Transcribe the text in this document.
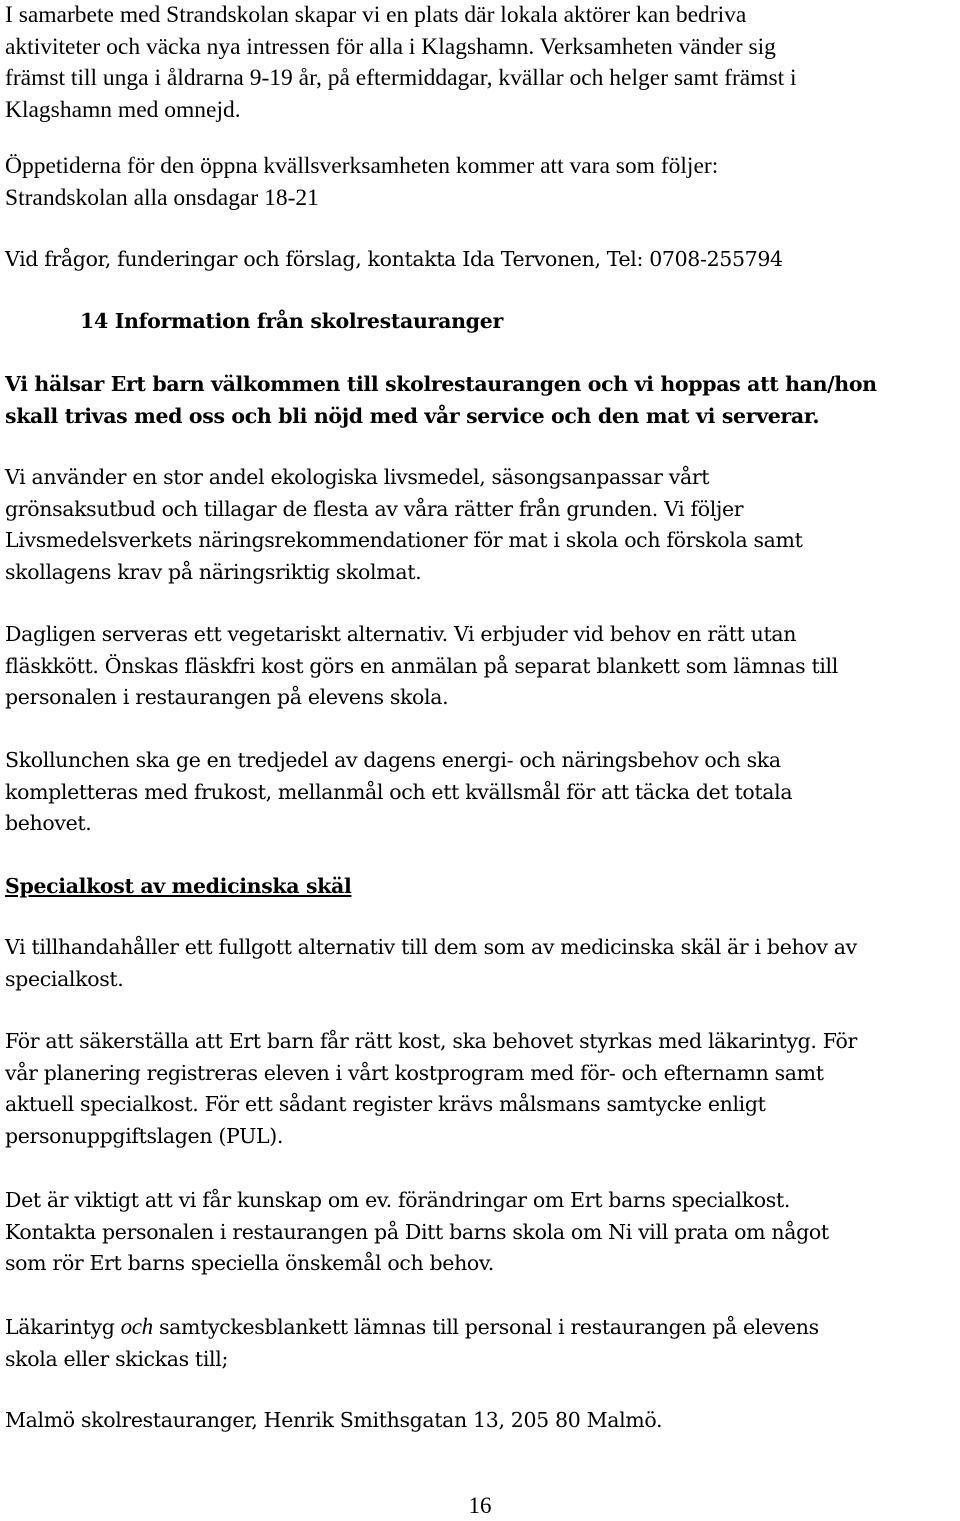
I samarbete med Strandskolan skapar vi en plats där lokala aktörer kan bedriva
aktiviteter och väcka nya intressen för alla i Klagshamn. Verksamheten vänder sig
främst till unga i åldrarna 9-19 år, på eftermiddagar, kvällar och helger samt främst i
Klagshamn med omnejd.

Öppetiderna för den öppna kvällsverksamheten kommer att vara som följer:
Strandskolan alla onsdagar 18-21

Vid frågor, funderingar och förslag, kontakta Ida Tervonen, Tel: 0708-255794

14 Information från skolrestauranger

Vi hälsar Ert barn välkommen till skolrestaurangen och vi hoppas att han/hon
skall trivas med oss och bli nöjd med vår service och den mat vi serverar.

Vi använder en stor andel ekologiska livsmedel, säsongsanpassar vårt
grönsaksutbud och tillagar de flesta av våra rätter från grunden. Vi följer
Livsmedelsverkets näringsrekommendationer för mat i skola och förskola samt
skollagens krav på näringsriktig skolmat.

Dagligen serveras ett vegetariskt alternativ. Vi erbjuder vid behov en rätt utan
fläskkött. Önskas fläskfri kost görs en anmälan på separat blankett som lämnas till
personalen i restaurangen på elevens skola.

Skollunchen ska ge en tredjedel av dagens energi- och näringsbehov och ska
kompletteras med frukost, mellanmål och ett kvällsmål för att täcka det totala
behovet.

Specialkost av medicinska skäl

Vi tillhandahåller ett fullgott alternativ till dem som av medicinska skäl är i behov av
specialkost.

För att säkerställa att Ert barn får rätt kost, ska behovet styrkas med läkarintyg. För
vår planering registreras eleven i vårt kostprogram med för- och efternamn samt
aktuell specialkost. För ett sådant register krävs målsmans samtycke enligt
personuppgiftslagen (PUL).

Det är viktigt att vi får kunskap om ev. förändringar om Ert barns specialkost.
Kontakta personalen i restaurangen på Ditt barns skola om Ni vill prata om något
som rör Ert barns speciella önskemål och behov.

Läkarintyg och samtyckesblankett lämnas till personal i restaurangen på elevens
skola eller skickas till;

Malmö skolrestauranger, Henrik Smithsgatan 13, 205 80 Malmö.

16
